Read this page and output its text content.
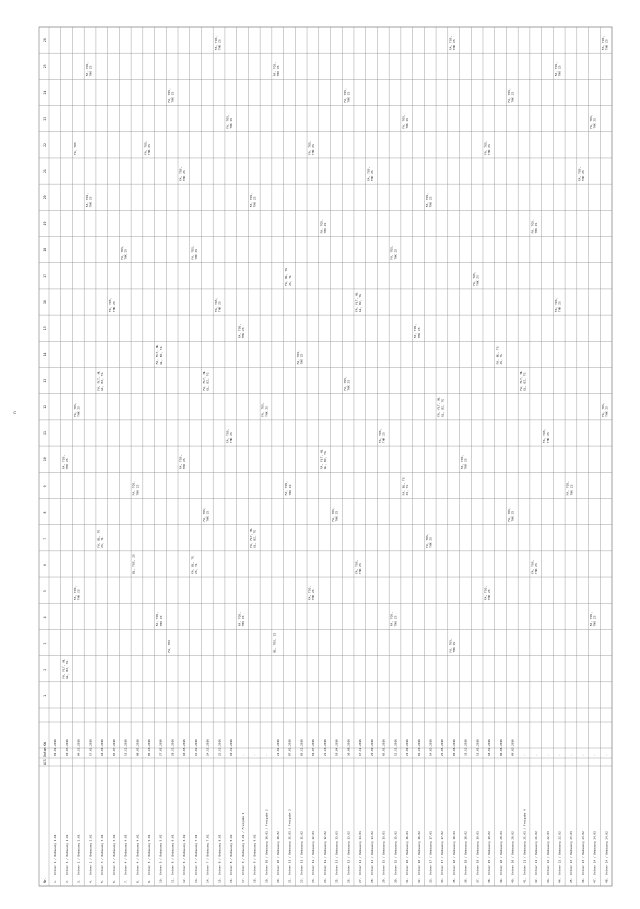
n
Nr.
ACS
Datum
KW
1
2
3
4
5
6
7
8
9
10
11
12
13
14
15
16
17
18
19
20
21
22
23
24
25
26
1.
Ordner 1 / Bebauung 1.01
01.01.2016
2.
Ordner 1 / Bebauung 1.02
10.03.2016
3.
Ordner 2 / Bebauung 2.01
04.11.2016
4.
Ordner 2 / Bebauung 2.02
17.02.2016
5.
Ordner 3 / Bebauung 3.01
16.09.2016
6.
Ordner 3 / Bebauung 3.02
03.07.2016
7.
Ordner 4 / Bebauung 4.01
11.12.2016
8.
Ordner 4 / Bebauung 4.02
08.01.2016
9.
Ordner 5 / Bebauung 5.01
05.10.2016
10.
Ordner 5 / Bebauung 5.02
27.01.2016
11.
Ordner 6 / Bebauung 6.01
28.11.2016
12.
Ordner 6 / Bebauung 6.02
10.05.2016
13.
Ordner 7 / Bebauung 7.01
14.02.2016
14.
Ordner 7 / Bebauung 7.02
24.11.2016
15.
Ordner 8 / Bebauung 8.01
23.12.2016
16.
Ordner 8 / Bebauung 8.02
10.12.2016
17.
Ordner 9 / Bebauung 9.01 / Freigabe 1
-
18.
Ordner 9 / Bebauung 9.02
-
19.
Ordner 10 / Bebauung 10.01 / Freigabe 2
-
20.
Ordner 10 / Bebauung 10.02
21.04.2016
21.
Ordner 11 / Bebauung 11.01 / Freigabe 3
07.02.2016
22.
Ordner 11 / Bebauung 11.02
05.12.2016
23.
Ordner 12 / Bebauung 12.01
01.07.2016
24.
Ordner 12 / Bebauung 12.02
22.10.2016
25.
Ordner 13 / Bebauung 13.01
19.04.2016
26.
Ordner 13 / Bebauung 13.02
30.08.2016
27.
Ordner 14 / Bebauung 14.01
17.12.2016
28.
Ordner 14 / Bebauung 14.02
29.09.2016
29.
Ordner 15 / Bebauung 15.01
05.01.2016
30.
Ordner 15 / Bebauung 15.02
12.11.2016
31.
Ordner 16 / Bebauung 16.01
21.09.2016
32.
Ordner 16 / Bebauung 16.02
02.10.2016
33.
Ordner 17 / Bebauung 17.01
14.03.2016
34.
Ordner 17 / Bebauung 17.02
25.05.2016
35.
Ordner 18 / Bebauung 18.01
09.08.2016
36.
Ordner 18 / Bebauung 18.02
31.12.2016
37.
Ordner 19 / Bebauung 19.01
11.01.2016
38.
Ordner 19 / Bebauung 19.02
18.02.2016
39.
Ordner 20 / Bebauung 20.01
06.06.2016
40.
Ordner 20 / Bebauung 20.02
09.03.2016
41.
Ordner 21 / Bebauung 21.01 / Freigabe 4
-
42.
Ordner 21 / Bebauung 21.02
-
43.
Ordner 22 / Bebauung 22.01
-
44.
Ordner 22 / Bebauung 22.02
-
45.
Ordner 23 / Bebauung 23.01
-
46.
Ordner 23 / Bebauung 23.02
-
47.
Ordner 24 / Bebauung 24.01
-
48.
Ordner 24 / Bebauung 24.02
-
FA, FLT, HL GL, BZ, TG
FA, TOS, THK ZS
FA, TOS, THK ZS
FA, TOS, THK ZS
FA, TOS
FA, TOS, THK ZS
FA, TOS, THK ZS
FA, BL, TG ZS, TL
FA, FLT, HL GL, BZ, TG
FA, TOS, THK ZS
FA, TOS, THK ZS
BL, TOS, ZS
FA, TOS, THK ZS
FA, TOS, THK ZS
FA, TOS, THK ZS
FA, FLT, HL GL, BZ, TG
FA, TOS
FA, TOS, THK ZS
FA, TOS, THK ZS
FA, TOS, THK ZS
FA, BL, TG ZS, TL
FA, TOS, THK ZS
FA, TOS, THK ZS
FA, FLT, HL GL, BZ, TG
FA, TOS, THK ZS
FA, TOS, THK ZS
FA, TOS, THK ZS
FA, TOS, THK ZS
FA, TOS, THK ZS
FA, TOS, THK ZS
FA, FLT, HL GL, BZ, TG
FA, TOS, THK ZS
FA, TOS, THK ZS
BL, TOS, ZS
FA, TOS, THK ZS
FA, TOS, THK ZS
FA, BL, TG ZS, TL
FA, TOS, THK ZS
FA, TOS, THK ZS
FA, TOS, THK ZS
FA, FLT, HL GL, BZ, TG
FA, TOS, THK ZS
FA, TOS, THK ZS
FA, TOS, THK ZS
FA, TOS, THK ZS
FA, TOS, THK ZS
FA, FLT, HL GL, BZ, TG
FA, TOS, THK ZS
FA, TOS, THK ZS
FA, TOS, THK ZS
FA, TOS, THK ZS
FA, BL, TG ZS, TL
FA, TOS, THK ZS
FA, TOS, THK ZS
FA, TOS, THK ZS
FA, TOS, THK ZS
FA, FLT, HL GL, BZ, TG
FA, TOS, THK ZS
FA, TOS, THK ZS
FA, TOS, THK ZS
FA, TOS, THK ZS
FA, TOS, THK ZS
FA, TOS, THK ZS
FA, BL, TG ZS, TL
FA, TOS, THK ZS
FA, TOS, THK ZS
FA, FLT, HL GL, BZ, TG
FA, TOS, THK ZS
FA, TOS, THK ZS
FA, TOS, THK ZS
FA, TOS, THK ZS
FA, TOS, THK ZS
FA, TOS, THK ZS
FA, TOS, THK ZS
FA, TOS, THK ZS
FA, TOS, THK ZS
FA, TOS, THK ZS
FA, TOS, THK ZS
